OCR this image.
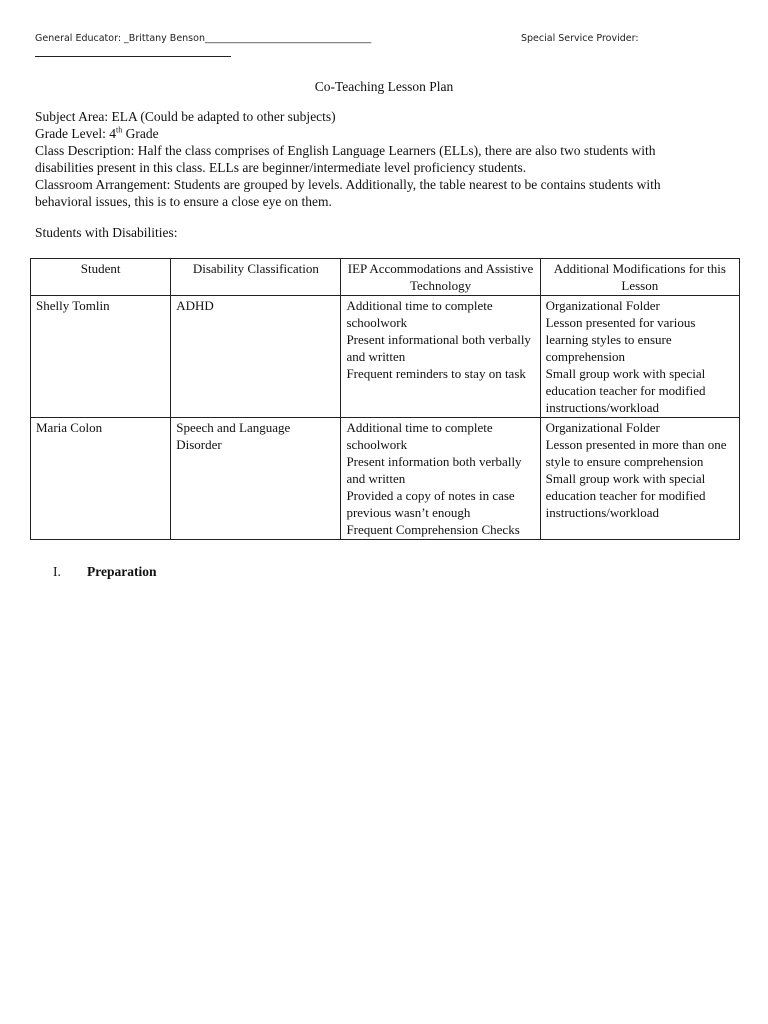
General Educator: _Brittany Benson___________________________________	Special Service Provider:
Co-Teaching Lesson Plan
Subject Area: ELA (Could be adapted to other subjects)
Grade Level: 4th Grade
Class Description: Half the class comprises of English Language Learners (ELLs), there are also two students with
disabilities present in this class. ELLs are beginner/intermediate level proficiency students.
Classroom Arrangement: Students are grouped by levels. Additionally, the table nearest to be contains students with
behavioral issues, this is to ensure a close eye on them.
Students with Disabilities:
Student	Disability Classification	IEP Accommodations and Assistive Technology	Additional Modifications for this Lesson
Shelly Tomlin	ADHD	Additional time to complete schoolwork
Present informational both verbally and written
Frequent reminders to stay on task	Organizational Folder
Lesson presented for various learning styles to ensure comprehension
Small group work with special education teacher for modified instructions/workload

Maria Colon	Speech and Language Disorder	Additional time to complete schoolwork
Present information both verbally and written
Provided a copy of notes in case previous wasn’t enough
Frequent Comprehension Checks	Organizational Folder
Lesson presented in more than one style to ensure comprehension
Small group work with special education teacher for modified instructions/workload
I. Preparation
